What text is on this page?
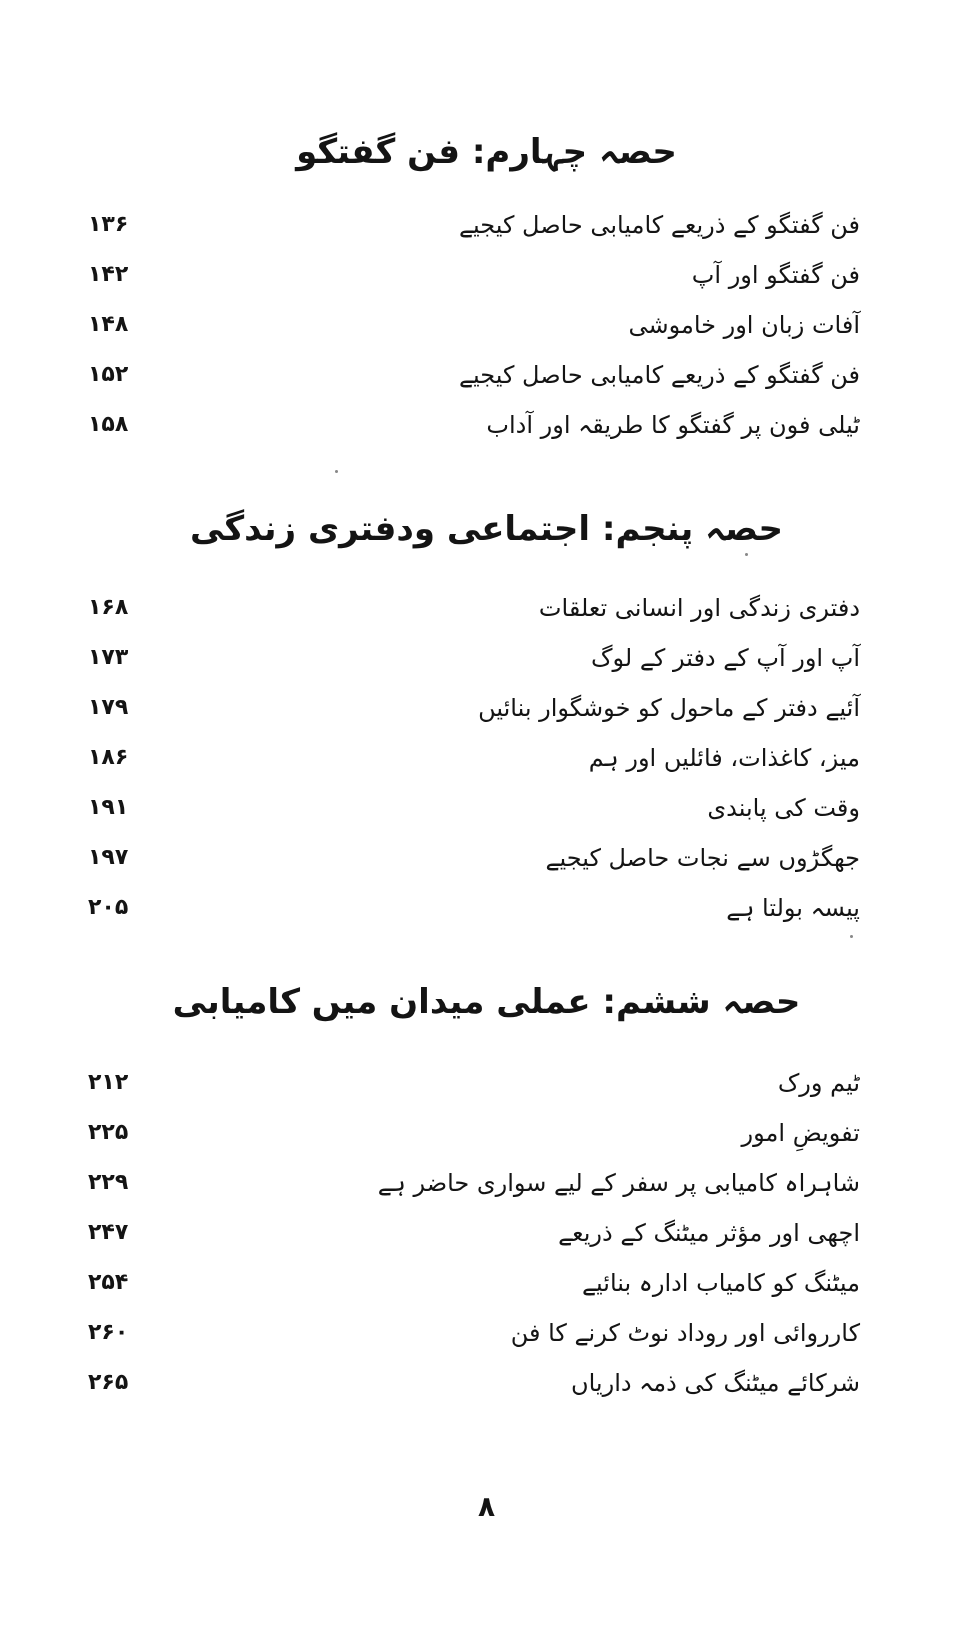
حصہ چہارم: فن گفتگو
فن گفتگو کے ذریعے کامیابی حاصل کیجیے
۱۳۶
فن گفتگو اور آپ
۱۴۲
آفات زبان اور خاموشی
۱۴۸
فن گفتگو کے ذریعے کامیابی حاصل کیجیے
۱۵۲
ٹیلی فون پر گفتگو کا طریقہ اور آداب
۱۵۸
حصہ پنجم: اجتماعی ودفتری زندگی
دفتری زندگی اور انسانی تعلقات
۱۶۸
آپ اور آپ کے دفتر کے لوگ
۱۷۳
آئیے دفتر کے ماحول کو خوشگوار بنائیں
۱۷۹
میز، کاغذات، فائلیں اور ہم
۱۸۶
وقت کی پابندی
۱۹۱
جھگڑوں سے نجات حاصل کیجیے
۱۹۷
پیسہ بولتا ہے
۲۰۵
حصہ ششم: عملی میدان میں کامیابی
ٹیم ورک
۲۱۲
تفویضِ امور
۲۲۵
شاہراہ کامیابی پر سفر کے لیے سواری حاضر ہے
۲۲۹
اچھی اور مؤثر میٹنگ کے ذریعے
۲۴۷
میٹنگ کو کامیاب ادارہ بنائیے
۲۵۴
کارروائی اور روداد نوٹ کرنے کا فن
۲۶۰
شرکائے میٹنگ کی ذمہ داریاں
۲۶۵
۸
